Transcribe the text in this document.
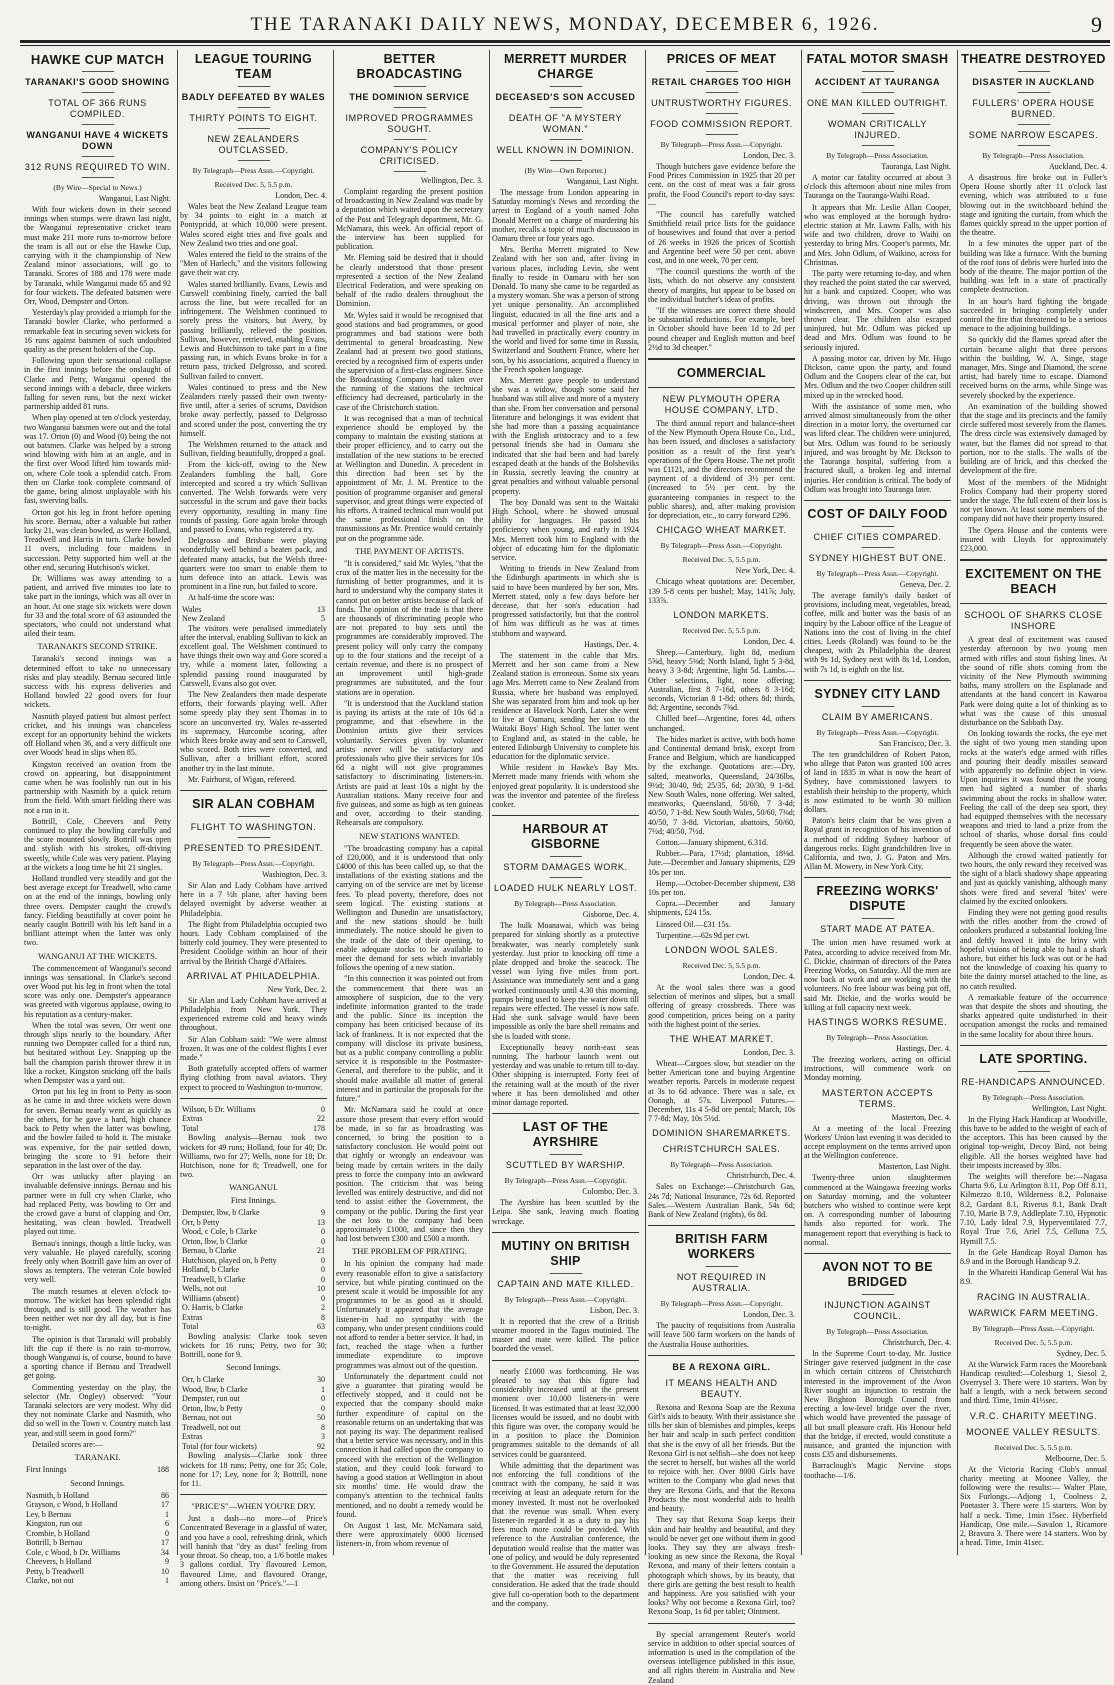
THE TARANAKI DAILY NEWS, MONDAY, DECEMBER 6, 1926.	9
HAWKE CUP MATCH
TARANAKI'S GOOD SHOWING
TOTAL OF 366 RUNS COMPILED.
WANGANUI HAVE 4 WICKETS DOWN
312 RUNS REQUIRED TO WIN.
(By Wire—Special to News.)
Wanganui, Last Night.

With four wickets down in their second innings when stumps were drawn last night, the Wanganui representative cricket team must make 211 more runs to-morrow before the team is all out or else the Hawke Cup, carrying with it the championship of New Zealand minor associations, will go to Taranaki. Scores of 188 and 178 were made by Taranaki, while Wanganui made 65 and 92 for four wickets. The defeated batsmen were Orr, Wood, Dempster and Orton.

Yesterday's play provided a triumph for the Taranaki bowler Clarke, who performed a remarkable feat in securing seven wickets for 16 runs against batsmen of such undoubted quality as the present holders of the Cup.

Following upon their sensational collapse in the first innings before the onslaught of Clarke and Petty, Wanganui opened the second innings with a debacle, three wickets falling for seven runs, but the next wicket partnership added 81 runs.

When play opened at ten o'clock yesterday, two Wanganui batsmen were out and the total was 17. Orton (0) and Wood (0) being the not out batsmen. Clarke was helped by a strong wind blowing with him at an angle, and in the first over Wood lifted him towards mid-on, where Cole took a splendid catch. From then on Clarke took complete command of the game, being almost unplayable with his fast, swerving balls.

Orton got his leg in front before opening his score. Bernau, after a valuable but rather lucky 21, was clean bowled, as were Holland, Treadwell and Harris in turn. Clarke bowled 11 overs, including four maidens in succession. Petty supported him well at the other end, securing Hutchison's wicket.

Dr. Williams was away attending to a patient, and arrived five minutes too late to take part in the innings, which was all over in an hour. At one stage six wickets were down for 33 and the total score of 63 astounded the spectators, who could not understand what ailed their team.

TARANAKI'S SECOND STRIKE.

Taranaki's second innings was a determined effort to take no unnecessary risks and play steadily. Bernau secured little success with his express deliveries and Holland bowled 22 good overs for four wickets.

Nasmith played patient but almost perfect cricket, and his innings was chanceless except for an opportunity behind the wickets off Holland when 36, and a very difficult one over Woods' head in slips when 85.

Kingston received an ovation from the crowd on appearing, but disappointment came when he was foolishly run out in his partnership with Nasmith by a quick return from the field. With smart fielding there was not a run in it.

Bottrill, Cole, Cheevers and Petty continued to play the bowling carefully and the score mounted slowly. Bottrill was open and stylish with his strokes, off-driving sweetly, while Cole was very patient. Playing at the wickets a long time he hit 21 singles.

Holland trundled very steadily and got the best average except for Treadwell, who came on at the end of the innings, bowling only three overs. Dempster caught the crowd's fancy. Fielding beautifully at cover point he nearly caught Bottrill with his left hand in a brilliant attempt when the latter was only two.

WANGANUI AT THE WICKETS.

The commencement of Wanganui's second innings was sensational. In Clarke's second over Wood put his leg in front when the total score was only one. Dempster's appearance was greeted with vigorous applause, owing to his reputation as a century-maker.

When the total was seven, Orr went one through slips nearly to the boundary. After running two Dempster called for a third run, but hesitated without Ley. Snapping up the ball the champion parish thrower threw it in like a rocket, Kingston snicking off the bails when Dempster was a yard out.

Orton put his leg in front to Petty as soon as he came in and three wickets were down for seven. Bernau nearly went as quickly as the others, for he gave a hard, high chance back to Petty when the latter was bowling, and the bowler failed to hold it. The mistake was expensive, for the pair settled down, bringing the score to 91 before their separation in the last over of the day.

Orr was unlucky after playing an invaluable defensive innings. Bernau and his partner were in full cry when Clarke, who had replaced Petty, was bowling to Orr and the crowd gave a burst of clapping and Orr, hesitating, was clean bowled. Treadwell played out time.

Bernau's innings, though a little lucky, was very valuable. He played carefully, scoring freely only when Bottrill gave him an over of slows as tempters. The veteran Cole bowled very well.

The match resumes at eleven o'clock to-morrow. The wicket has been splendid right through, and is still good. The weather has been neither wet nor dry all day, but is fine to-night.

The opinion is that Taranaki will probably lift the cup if there is no rain to-morrow, though Wanganui is, of course, bound to have a sporting chance if Bernau and Treadwell get going.

Commenting yesterday on the play, the selector (Mr. Ongley) observed: "Your Taranaki selectors are very modest. Why did they not nominate Clarke and Nasmith, who did so well in the Town v. Country match last year, and still seem in good form?"

Detailed scores are:—

TARANAKI.
First Innings	188
Second Innings.
Nasmith, b Holland	86
Grayson, c Wood, b Holland	17
Ley, b Bernau	1
Kingston, run out	6
Crombie, b Holland	0
Bottrill, b Bernau	17
Cole, c Wood, b Dr. Williams	34
Cheevers, b Holland	9
Petty, b Treadwell	10
Clarke, not out	1
LEAGUE TOURING TEAM
BADLY DEFEATED BY WALES
THIRTY POINTS TO EIGHT.
NEW ZEALANDERS OUTCLASSED.
By Telegraph—Press Assn.—Copyright.
Received Dec. 5, 5.5 p.m.
London, Dec. 4.

Wales beat the New Zealand League team by 34 points to eight in a match at Pontypridd, at which 10,000 were present. Wales scored eight tries and five goals and New Zealand two tries and one goal.

Wales entered the field to the strains of the "Men of Harlech," and the visitors following gave their war cry.

Wales started brilliantly. Evans, Lewis and Carswell combining finely, carried the ball across the line, but were recalled for an infringement. The Welshmen continued to sorely press the visitors, but Avery, by passing brilliantly, relieved the position. Sullivan, however, retrieved, enabling Evans, Lewis and Hutchinson to take part in a fine passing run, in which Evans broke in for a return pass, tricked Delgrosso, and scored. Sullivan failed to convert.

Wales continued to press and the New Zealanders rarely passed their own twenty-five until, after a series of scrums, Davidson broke away perfectly, passed to Delgrosso and scored under the post, converting the try himself.

The Welshmen returned to the attack and Sullivan, fielding beautifully, dropped a goal.

From the kick-off, owing to the New Zealanders fumbling the ball, Gore intercepted and scored a try which Sullivan converted. The Welsh forwards were very successful in the scrum and gave their backs every opportunity, resulting in many fine rounds of passing. Gore again broke through and passed to Evans, who registered a try.

Delgrosso and Brisbane were playing wonderfully well behind a beaten pack, and defeated many attacks, but the Welsh three-quarters were too smart to enable them to turn defence into an attack. Lewis was prominent in a fine run, but failed to score.

At half-time the score was:

Wales	13
New Zealand	5

The visitors were penalised immediately after the interval, enabling Sullivan to kick an excellent goal. The Welshmen continued to have things their own way and Gore scored a try, while a moment later, following a splendid passing round inaugurated by Carswell, Evans also got over.

The New Zealanders then made desperate efforts, their forwards playing well. After some speedy play they sent Thomas in to score an unconverted try. Wales re-asserted its supremacy, Hurcombe scoring, after which Rees broke away and sent to Carswell, who scored. Both tries were converted, and Sullivan, after a brilliant effort, scored another try in the last minute.

Mr. Fairhurst, of Wigan, refereed.

SIR ALAN COBHAM
FLIGHT TO WASHINGTON.
PRESENTED TO PRESIDENT.
By Telegraph—Press Assn.—Copyright.
Washington, Dec. 3.

Sir Alan and Lady Cobham have arrived here in a 7 ½h plane, after having been delayed overnight by adverse weather at Philadelphia.

The flight from Philadelphia occupied two hours. Lady Cobham complained of the bitterly cold journey. They were presented to President Coolidge within an hour of their arrival by the British Chargé d'Affaires.

ARRIVAL AT PHILADELPHIA.
New York, Dec. 2.

Sir Alan and Lady Cobham have arrived at Philadelphia from New York. They experienced extreme cold and heavy winds throughout.

Sir Alan Cobham said: "We were almost frozen. It was one of the coldest flights I ever made."

Both gratefully accepted offers of warmer flying clothing from naval aviators. They expect to proceed to Washington to-morrow.

Wilson, b Dr. Williams	0
Extras	22
Total	178

Bowling analysis—Bernau took two wickets for 49 runs; Holland, four for 40; Dr. Williams, two for 27; Wells, none for 18; Dr. Hutchison, none for 8; Treadwell, one for two.

WANGANUI.
First Innings.
Dempster, lbw, b Clarke	9
Orr, b Petty	13
Wood, c Cole, b Clarke	0
Orton, lbw, b Clarke	0
Bernau, b Clarke	21
Hutchison, played on, b Petty	0
Holland, b Clarke	0
Treadwell, b Clarke	0
Wells, not out	10
Williams (absent)	0
O. Harris, b Clarke	2
Extras	8
Total	63

Bowling analysis: Clarke took seven wickets for 16 runs; Petty, two for 30; Bottrill, none for 9.

Second Innings.
Orr, b Clarke	30
Wood, lbw, b Clarke	1
Dempster, run out	0
Orton, lbw, b Petty	0
Bernau, not out	50
Treadwell, not out	8
Extras	3
Total (for four wickets)	92

Bowling analysis—Clarke took three wickets for 18 runs; Petty, one for 35; Cole, none for 17; Ley, none for 3; Bottrill, none for 11.

"PRICE'S"—WHEN YOU'RE DRY.

Just a dash—no more—of Price's Concentrated Beverage in a glassful of water, and you have a cool, refreshing drink, which will banish that "dry as dust" feeling from your throat. So cheap, too, a 1/6 bottle makes 3 gallons cordial. Try flavoured Lemon, flavoured Lime, and flavoured Orange, among others. Insist on "Price's."—1

BETTER BROADCASTING
THE DOMINION SERVICE
IMPROVED PROGRAMMES SOUGHT.
COMPANY'S POLICY CRITICISED.
Wellington, Dec. 3.

Complaint regarding the present position of broadcasting in New Zealand was made by a deputation which waited upon the secretary of the Post and Telegraph department, Mr. G. McNamara, this week. An official report of the interview has been supplied for publication.

Mr. Fleming said he desired that it should be clearly understood that those present represented a section of the New Zealand Electrical Federation, and were speaking on behalf of the radio dealers throughout the Dominion.

Mr. Wyles said it would be recognised that good stations and bad programmes, or good programmes and bad stations were both detrimental to general broadcasting. New Zealand had at present two good stations, erected by a recognised firm of experts under the supervision of a first-class engineer. Since the Broadcasting Company had taken over the running of the stations the technical efficiency had decreased, particularly in the case of the Christchurch station.

It was recognised that a man of technical experience should be employed by the company to maintain the existing stations at their proper efficiency, and to carry out the installation of the new stations to be erected at Wellington and Dunedin. A precedent in this direction had been set by the appointment of Mr. J. M. Prentice to the position of programme organiser and general supervisor, and great things were expected of his efforts. A trained technical man would put the same professional finish on the transmissions as Mr. Prentice would certainly put on the programme side.

THE PAYMENT OF ARTISTS.

"It is considered," said Mr. Wyles, "that the crux of the matter lies in the necessity for the furnishing of better programmes, and it is hard to understand why the company states it cannot put on better artists because of lack of funds. The opinion of the trade is that there are thousands of discriminating people who are not prepared to buy sets until the programmes are considerably improved. The present policy will only carry the company up to the four stations and the receipt of a certain revenue, and there is no prospect of an improvement until high-grade programmes are substituted, and the four stations are in operation.

"It is understood that the Auckland station is paying its artists at the rate of 10s 6d a programme, and that elsewhere in the Dominion artists give their services voluntarily. Services given by volunteer artists never will be satisfactory and professionals who give their services for 10s 6d a night will not give programmes satisfactory to discriminating listeners-in. Artists are paid at least 10s a night by the Australian stations. Many receive four and five guineas, and some as high as ten guineas and over, according to their standing. Rehearsals are compulsory.

NEW STATIONS WANTED.

"The broadcasting company has a capital of £20,000, and it is understood that only £4000 of this has been called up, so that the installations of the existing stations and the carrying on of the service are met by license fees. To plead poverty, therefore, does not seem logical. The existing stations at Wellington and Dunedin are unsatisfactory, and the new stations should be built immediately. The notice should be given to the trade of the date of their opening, to enable adequate stocks to be available to meet the demand for sets which invariably follows the opening of a new station.

"In this connection it was pointed out from the commencement that there was an atmosphere of suspicion, due to the very indefinite information granted to the trade and the public. Since its inception the company has been criticised because of its lack of frankness. It is not expected that the company will disclose its private business, but as a public company controlling a public service it is responsible to the Postmaster-General, and therefore to the public, and it should make available all matter of general interest and in particular the proposals for the future."

Mr. McNamara said he could at once assure those present that every effort would be made, in so far as broadcasting was concerned, to bring the position to a satisfactory conclusion. He would point out that rightly or wrongly an endeavour was being made by certain writers in the daily press to force the company into an awkward position. The criticism that was being levelled was entirely destructive, and did not tend to assist either the Government, the company or the public. During the first year the net loss to the company had been approximately £1000, and since then they had lost between £300 and £500 a month.

THE PROBLEM OF PIRATING.

In his opinion the company had made every reasonable effort to give a satisfactory service, but while pirating continued on the present scale it would be impossible for any programmes to be as good as it should. Unfortunately it appeared that the average listener-in had no sympathy with the company, who under present conditions could not afford to render a better service. It had, in fact, reached the stage when a further immediate expenditure to improve programmes was almost out of the question.

Unfortunately the department could not give a guarantee that pirating would be effectively stopped, and it could not be expected that the company should make further expenditure of capital on the reasonable returns on an undertaking that was not paying its way. The department realised that a better service was necessary, and in this connection it had called upon the company to proceed with the erection of the Wellington station, and they could look forward to having a good station at Wellington in about six months' time. He would draw the company's attention to the technical faults mentioned, and no doubt a remedy would be found.

On August 1 last, Mr. McNamara said, there were approximately 6000 licensed listeners-in, from whom revenue of

MERRETT MURDER CHARGE
DECEASED'S SON ACCUSED
DEATH OF "A MYSTERY WOMAN."
WELL KNOWN IN DOMINION.
(By Wire—Own Reporter.)
Wanganui, Last Night.

The message from London appearing in Saturday morning's News and recording the arrest in England of a youth named John Donald Merrett on a charge of murdering his mother, recalls a topic of much discussion in Oamaru three or four years ago.

Mrs. Bertha Merrett migrated to New Zealand with her son and, after living in various places, including Levin, she went finally to reside in Oamaru with her son Donald. To many she came to be regarded as a mystery woman. She was a person of strong yet unique personality. An accomplished linguist, educated in all the fine arts and a musical performer and player of note, she had travelled in practically every country in the world and lived for some time in Russia, Switzerland and Southern France, where her son, by his associations, acquired a fluency in the French spoken language.

Mrs. Merrett gave people to understand she was a widow, though some said her husband was still alive and more of a mystery than she. From her conversation and personal literature and belongings it was evident that she had more than a passing acquaintance with the English aristocracy and to a few personal friends she had in Oamaru she indicated that she had been and had barely escaped death at the hands of the Bolsheviks in Russia, secretly leaving the country at great penalties and without valuable personal property.

The boy Donald was sent to the Waitaki High School, where he showed unusual ability for languages. He passed his proficiency when young, and early in 1924 Mrs. Merrett took him to England with the object of educating him for the diplomatic service.

Writing to friends in New Zealand from the Edinburgh apartments in which she is said to have been murdered by her son, Mrs. Merrett stated, only a few days before her decease, that her son's education had progressed satisfactorily, but that the control of him was difficult as he was at times stubborn and wayward.

Hastings, Dec. 4.

The statement in the cable that Mrs. Merrett and her son came from a New Zealand station is erroneous. Some six years ago Mrs. Merrett came to New Zealand from Russia, where her husband was employed. She was separated from him and took up her residence at Havelock North. Later she went to live at Oamaru, sending her son to the Waitaki Boys' High School. The latter went to England and, as stated in the cable, he entered Edinburgh University to complete his education for the diplomatic service.

While resident in Hawke's Bay Mrs. Merrett made many friends with whom she enjoyed great popularity. It is understood she was the inventor and patentee of the fireless cooker.

HARBOUR AT GISBORNE
STORM DAMAGES WORK.
LOADED HULK NEARLY LOST.
By Telegraph—Press Association.
Gisborne, Dec. 4.

The hulk Moanawai, which was being prepared for sinking shortly as a protective breakwater, was nearly completely sunk yesterday. Just prior to knocking off time a plate dropped and broke the seacock. The vessel was lying five miles from port. Assistance was immediately sent and a gang worked continuously until 4.30 this morning, pumps being used to keep the water down till repairs were effected. The vessel is now safe. Had she sunk salvage would have been impossible as only the bare shell remains and she is loaded with stone.

Exceptionally heavy north-east seas running. The harbour launch went out yesterday and was unable to return till to-day. Other shipping is interrupted. Forty feet of the retaining wall at the mouth of the river where it has been demolished and other minor damage reported.

LAST OF THE AYRSHIRE
SCUTTLED BY WARSHIP.
By Telegraph—Press Assn.—Copyright.
Colombo, Dec. 3.

The Ayrshire has been scuttled by the Leipa. She sank, leaving much floating wreckage.

MUTINY ON BRITISH SHIP
CAPTAIN AND MATE KILLED.
By Telegraph—Press Assn.—Copyright.
Lisbon, Dec. 3.

It is reported that the crew of a British steamer moored in the Tagus mutinied. The master and mate were killed. The police boarded the vessel.

nearly £1000 was forthcoming. He was pleased to say that this figure had considerably increased until at the present moment over 10,000 listeners-in were licensed. It was estimated that at least 32,000 licenses would be issued, and no doubt with this figure was over, the company would be in a position to place the Dominion programmes suitable to the demands of all services could be guaranteed.

While admitting that the department was not enforcing the full conditions of the contract with the company, he said it was receiving at least an adequate return for the money invested. It must not be overlooked that the revenue was small. When every listener-in regarded it as a duty to pay his fees much more could be provided. With reference to the Australian conference, the deputation would realise that the matter was one of policy, and would be duly represented to the Government. He assured the deputation that the matter was receiving full consideration. He asked that the trade should give full co-operation both to the department and the company.

PRICES OF MEAT
RETAIL CHARGES TOO HIGH
UNTRUSTWORTHY FIGURES.
FOOD COMMISSION REPORT.
By Telegraph—Press Assn.—Copyright.
London, Dec. 3.

Though butchers gave evidence before the Food Prices Commission in 1925 that 20 per cent. on the cost of meat was a fair gross profit, the Food Council's report to-day says:—

"The council has carefully watched Smithfield retail price lists for the guidance of housewives and found that over a period of 26 weeks in 1926 the prices of Scottish and Argentine beef were 50 per cent. above cost, and in one week, 70 per cent.

"The council questions the worth of the lists, which do not observe any consistent theory of margins, but appear to be based on the individual butcher's ideas of profits.

"If the witnesses are correct there should be substantial reductions. For example, beef in October should have been 1d to 2d per pound cheaper and English mutton and beef 2½d to 3d cheaper."

COMMERCIAL
NEW PLYMOUTH OPERA HOUSE COMPANY, LTD.

The third annual report and balance-sheet of the New Plymouth Opera House Co., Ltd., has been issued, and discloses a satisfactory position as a result of the first year's operations of the Opera House. The net profit was £1121, and the directors recommend the payment of a dividend of 3½ per cent. (increased to 5½ per cent. by the guaranteeing companies in respect to the public shares), and, after making provision for depreciation, etc., to carry forward £296.

CHICAGO WHEAT MARKET.
By Telegraph—Press Assn.—Copyright.
Received Dec. 5, 5.5 p.m.
New York, Dec. 4.

Chicago wheat quotations are: December, 139 5-8 cents per bushel; May, 141⅞; July, 133⅞.

LONDON MARKETS.
Received Dec. 5, 5.5 p.m.
London, Dec. 4.

Sheep.—Canterbury, light 8d, medium 5⅝d, heavy 5⅜d; North Island, light 5 3-8d, heavy 3 3-8d; Argentine, light 5d. Lambs.—Other selections, light, none offering; Australian, first 8 7-16d, others 8 3-16d; seconds, Victorian 8 1-8d; others 8d; thirds, 8d; Argentine, seconds 7⅜d.

Chilled beef—Argentine, fores 4d, others unchanged.

The hides market is active, with both home and Continental demand brisk, except from France and Belgium, which are handicapped by the exchange. Quotations are:—Dry, salted, meatworks, Queensland, 24/36lbs, 9½d; 30/40, 9d; 25/35, 6d; 20/30, 9 1-8d. New South Wales, none offering. Wet salted, meatworks, Queensland, 50/60, 7 3-4d; 40/50, 7 1-8d. New South Wales, 50/60, 7⅜d; 40/50, 7 3-8d. Victorian, abattoirs, 50/60, 7½d; 40/50, 7½d.

Cotton.—January shipment, 6.31d.

Rubber.—Para, 17½d; plantation, 18⅛d. Jute.—December and January shipments, £29 10s per ton.

Hemp.—October-December shipment, £38 10s per ton.

Copra.—December and January shipments, £24 15s.

Linseed Oil.—£31 15s.

Turpentine.—62s 9d per cwt.

LONDON WOOL SALES.
Received Dec. 5, 5.5 p.m.
London, Dec. 4.

At the wool sales there was a good selection of merinos and slipes, but a small offering of greasy crossbreds. There was good competition, prices being on a parity with the highest point of the series.

THE WHEAT MARKET.
London, Dec. 3.

Wheat—Cargoes slow, but steadier on the better American tone and buying Argentine weather reports. Parcels in moderate request at 3s to 6d advance. There was a sale, ex Oonagh, at 57s. Liverpool Futures.—December, 11s 4 5-8d ore pental; March, 10s 7 7-8d; May, 10s 5½d.

DOMINION SHAREMARKETS.
CHRISTCHURCH SALES.
By Telegraph—Press Association.
Christchurch, Dec. 4.

Sales on Exchange:—Christchurch Gas, 24s 7d; National Insurance, 72s 6d. Reported Sales.—Western Australian Bank, 54s 6d; Bank of New Zealand (rights), 6s 8d.

BRITISH FARM WORKERS
NOT REQUIRED IN AUSTRALIA.
By Telegraph—Press Assn.—Copyright.
London, Dec. 3.

The paucity of requisitions from Australia will leave 500 farm workers on the hands of the Australia House authorities.

BE A REXONA GIRL.
IT MEANS HEALTH AND BEAUTY.

Rexona and Rexona Soap are the Rexona Girl's aids to beauty. With their assistance she tills her skin of blemishes and pimples, keeps her hair and scalp in such perfect condition that she is the envy of all her friends. But the Rexona Girl is not selfish—she does not keep the secret to herself, but wishes all the world to rejoice with her. Over 8000 Girls have written to the Company who glad news that they are Rexona Girls, and that the Rexona Products the most wonderful aids to health and beauty.

They say that Rexona Soap keeps their skin and hair healthy and beautiful, and they would be never get one without them in good looks. They say they are always fresh-looking as new since the Rexona, the Royal Rexona, and many of their letters contain a photograph which shows, by its beauty, that there girls are getting the best result to health and happiness. Are you satisfied with your looks? Why not become a Rexona Girl, too? Rexona Soap, 1s 6d per tablet; Ointment.

By special arrangement Reuter's world service in addition to other special sources of information is used in the compilation of the overseas intelligence published in this issue, and all rights therein in Australia and New Zealand

FATAL MOTOR SMASH
ACCIDENT AT TAURANGA
ONE MAN KILLED OUTRIGHT.
WOMAN CRITICALLY INJURED.
By Telegraph—Press Association.
Tauranga, Last Night.

A motor car fatality occurred at about 3 o'clock this afternoon about nine miles from Tauranga on the Tauranga-Waihi Road.

It appears that Mr. Leslie Allan Cooper, who was employed at the borough hydro-electric station at Mr. Lawns Falls, with his wife and two children, drove to Waihi on yesterday to bring Mrs. Cooper's parents, Mr. and Mrs. John Odlum, of Waikino, across for Christmas.

The party were returning to-day, and when they reached the point stated the car swerved, hit a bank and capsized. Cooper, who was driving, was thrown out through the windscreen, and Mrs. Cooper was also thrown clear. The children also escaped uninjured, but Mr. Odlum was picked up dead and Mrs. Odlum was found to be seriously injured.

A passing motor car, driven by Mr. Hugo Dickson, came upon the party, and found Odlum and the Coopers clear of the car, but Mrs. Odlum and the two Cooper children still mixed up in the wrecked hood.

With the assistance of some men, who arrived almost simultaneously from the other direction in a motor lorry, the overturned car was lifted clear. The children were uninjured, but Mrs. Odlum was found to be seriously injured, and was brought by Mr. Dickson to the Tauranga hospital, suffering from a fractured skull, a broken leg and internal injuries. Her condition is critical. The body of Odlum was brought into Tauranga later.

COST OF DAILY FOOD
CHIEF CITIES COMPARED.
SYDNEY HIGHEST BUT ONE.
By Telegraph—Press Assn.—Copyright.
Geneva, Dec. 2.

The average family's daily basket of provisions, including meat, vegetables, bread, coffee, milk and butter was the basis of an inquiry by the Labour office of the League of Nations into the cost of living in the chief cities. Leeds (Roland) was found to be the cheapest, with 2s Philadelphia the dearest with 9s 1d, Sydney next with 8s 1d, London, with 7s 1d, is eighth on the list.

SYDNEY CITY LAND
CLAIM BY AMERICANS.
By Telegraph—Press Assn.—Copyright.
San Francisco, Dec. 3.

The ten grandchildren of Robert Paton, who allege that Paton was granted 100 acres of land in 1835 in what is now the heart of Sydney, have commissioned lawyers to establish their heirship to the property, which is now estimated to be worth 30 million dollars.

Paton's heirs claim that he was given a Royal grant in recognition of his invention of a method of ridding Sydney harbour of dangerous rocks. Eight grandchildren live in California, and two, J. G. Paton and Mrs. Allan M. Mowery, in New York City.

FREEZING WORKS' DISPUTE
START MADE AT PATEA.

The union men have resumed work at Patea, according to advice received from Mr. C. Dickie, chairman of directors of the Patea Freezing Works, on Saturday. All the men are now back at work and are working with the volunteers. No free labour was being put off, said Mr. Dickie, and the works would be killing at full capacity next week.

HASTINGS WORKS RESUME.
By Telegraph—Press Association.
Hastings, Dec. 4.

The freezing workers, acting on official instructions, will commence work on Monday morning.

MASTERTON ACCEPTS TERMS.
Masterton, Dec. 4.

At a meeting of the local Freezing Workers' Union last evening it was decided to accept employment on the terms arrived upon at the Wellington conference.

Masterton, Last Night.

Twenty-three union slaughtermen commenced at the Waingawa freezing works on Saturday morning, and the volunteer butchers who wished to continue were kept on. A corresponding number of labouring hands also reported for work. The management report that everything is back to normal.

AVON NOT TO BE BRIDGED
INJUNCTION AGAINST COUNCIL.
By Telegraph—Press Association.
Christchurch, Dec. 4.

In the Supreme Court to-day, Mr. Justice Stringer gave reserved judgment in the case in which certain citizens of Christchurch interested in the improvement of the Avon River sought an injunction to restrain the New Brighton Borough Council from erecting a low-level bridge over the river, which would have prevented the passage of all but small pleasure craft. His Honour held that the bridge, if erected, would constitute a nuisance, and granted the injunction with costs £35 and disbursements.

Barraclough's Magic Nervine stops toothache—1/6.

THEATRE DESTROYED
DISASTER IN AUCKLAND
FULLERS' OPERA HOUSE BURNED.
SOME NARROW ESCAPES.
By Telegraph—Press Association.
Auckland, Dec. 4.

A disastrous fire broke out in Fuller's Opera House shortly after 11 o'clock last evening, which was attributed to a fuse blowing out in the switchboard behind the stage and igniting the curtain, from which the flames quickly spread to the upper portion of the theatre.

In a few minutes the upper part of the building was like a furnace. With the burning of the roof tons of debris were hurled into the body of the theatre. The major portion of the building was left in a state of practically complete destruction.

In an hour's hard fighting the brigade succeeded in bringing completely under control the fire that threatened to be a serious menace to the adjoining buildings.

So quickly did the flames spread after the curtain became alight that three persons within the building, W. A. Singe, stage manager, Mrs. Singe and Diamond, the scene artist, had barely time to escape. Diamond received burns on the arms, while Singe was severely shocked by the experience.

An examination of the building showed that the stage and its precincts and the family circle suffered most severely from the flames. The dress circle was extensively damaged by water, but the flames did not spread to that portion, nor to the stalls. The walls of the building are of brick, and this checked the development of the fire.

Most of the members of the Midnight Frolics Company had their property stored under the stage. The full extent of their loss is not yet known. At least some members of the company did not have their property insured.

The Opera House and the contents were insured with Lloyds for approximately £23,000.

EXCITEMENT ON THE BEACH
SCHOOL OF SHARKS CLOSE INSHORE

A great deal of excitement was caused yesterday afternoon by two young men armed with rifles and stout fishing lines. At the sound of rifle shots coming from the vicinity of the New Plymouth swimming baths, many strollers on the Esplanade and attendants at the band concert in Kawaroa Park were doing quite a lot of thinking as to what was the cause of this unusual disturbance on the Sabbath Day.

On looking towards the rocks, the eye met the sight of two young men standing upon rocks at the water's edge armed with rifles and pouring their deadly missiles seaward with apparently no definite object in view. Upon inquiries it was found that the young men had sighted a number of sharks swimming about the rocks in shallow water. Feeling the call of the deep sea sport, they had equipped themselves with the necessary weapons and tried to land a prize from the school of sharks, whose dorsal fins could frequently be seen above the water.

Although the crowd waited patiently for two hours, the only reward they received was the sight of a black shadowy shape appearing and just as quickly vanishing, although many shots were fired and several 'bites' were claimed by the excited onlookers.

Finding they were not getting good results with the rifles another from the crowd of onlookers produced a substantial looking line and deftly heaved it into the briny with hopeful visions of being able to haul a shark ashore, but either his luck was out or he had not the knowledge of coaxing his quarry to bite the dainty morsel attached to the line, as no catch resulted.

A remarkable feature of the occurrence was that despite the shots and shouting, the sharks appeared quite undisturbed in their occupation amongst the rocks and remained in the same locality for about three hours.

LATE SPORTING.
RE-HANDICAPS ANNOUNCED.
By Telegraph—Press Association.
Wellington, Last Night.

In the Flying Hack Handicap at Woodville, this have to be added to the weight of each of the acceptors. This has been caused by the original top-weight, Decoy Bird, not being eligible. All the horses weighted have had their imposts increased by 3lbs.

The weights will therefore be:—Nagasa Charta 9.6, Lu Arlington 8.11, Pop Off 8.11, Kilmezzo 8.10, Wilderness 8.2, Polonaise 8.2, Gardant 8.1, Riverus 8.1, Bank Draft 7.10, Marie B 7.9, Addleplate 7.10, Hypnotic 7.10, Lady Ideal 7.9, Hyperventilated 7.7, Royal True 7.6, Ariel 7.5, Celluna 7.5, Hymill 7.5.

In the Gele Handicap Royal Damon has 8.9 and in the Borough Handicap 9.2.

In the Whareiti Handicap General Wai has 8.9.

RACING IN AUSTRALIA.
WARWICK FARM MEETING.
By Telegraph—Press Assn.—Copyright.
Received Dec. 5, 5.5 p.m.
Sydney, Dec. 5.

At the Warwick Farm races the Moorebank Handicap resulted:—Colesburg 1, Siesol 2, Overrysel 3. There were 10 starters. Won by half a length, with a neck between second and third. Time, 1min 41½sec.

V.R.C. CHARITY MEETING.
MOONEE VALLEY RESULTS.
Received Dec. 5, 5.5 p.m.
Melbourne, Dec. 5.

At the Victoria Racing Club's annual charity meeting at Moonee Valley, the following were the results:— Walter Plate, Six Furlongs.—Adjong 1, Coolness 2, Poetaster 3. There were 15 starters. Won by half a neck. Time, 1min 15sec. Hyberfield Handicap, One mile.—Savalon 1, Ricamore 2, Bravura 3. There were 14 starters. Won by a head. Time, 1min 41sec.
